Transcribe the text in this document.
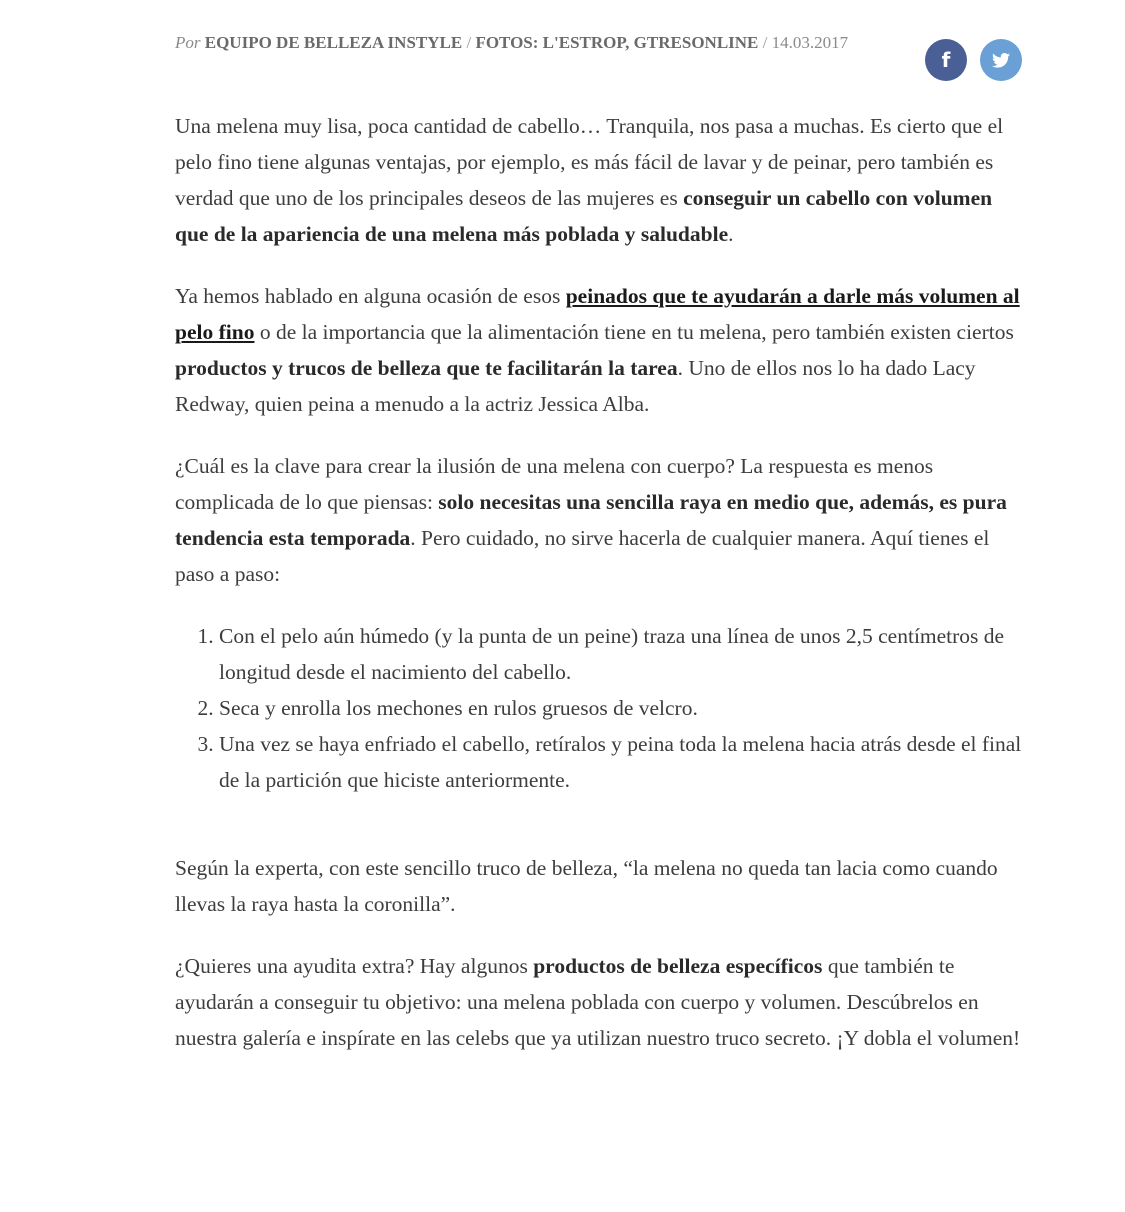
Por EQUIPO DE BELLEZA INSTYLE / FOTOS: L'ESTROP, GTRESONLINE / 14.03.2017
f

Una melena muy lisa, poca cantidad de cabello… Tranquila, nos pasa a muchas. Es cierto que el pelo fino tiene algunas ventajas, por ejemplo, es más fácil de lavar y de peinar, pero también es verdad que uno de los principales deseos de las mujeres es conseguir un cabello con volumen que de la apariencia de una melena más poblada y saludable.

Ya hemos hablado en alguna ocasión de esos peinados que te ayudarán a darle más volumen al pelo fino o de la importancia que la alimentación tiene en tu melena, pero también existen ciertos productos y trucos de belleza que te facilitarán la tarea. Uno de ellos nos lo ha dado Lacy Redway, quien peina a menudo a la actriz Jessica Alba.

¿Cuál es la clave para crear la ilusión de una melena con cuerpo? La respuesta es menos complicada de lo que piensas: solo necesitas una sencilla raya en medio que, además, es pura tendencia esta temporada. Pero cuidado, no sirve hacerla de cualquier manera. Aquí tienes el paso a paso:

1. Con el pelo aún húmedo (y la punta de un peine) traza una línea de unos 2,5 centímetros de longitud desde el nacimiento del cabello.
2. Seca y enrolla los mechones en rulos gruesos de velcro.
3. Una vez se haya enfriado el cabello, retíralos y peina toda la melena hacia atrás desde el final de la partición que hiciste anteriormente.

Según la experta, con este sencillo truco de belleza, “la melena no queda tan lacia como cuando llevas la raya hasta la coronilla”.

¿Quieres una ayudita extra? Hay algunos productos de belleza específicos que también te ayudarán a conseguir tu objetivo: una melena poblada con cuerpo y volumen. Descúbrelos en nuestra galería e inspírate en las celebs que ya utilizan nuestro truco secreto. ¡Y dobla el volumen!
